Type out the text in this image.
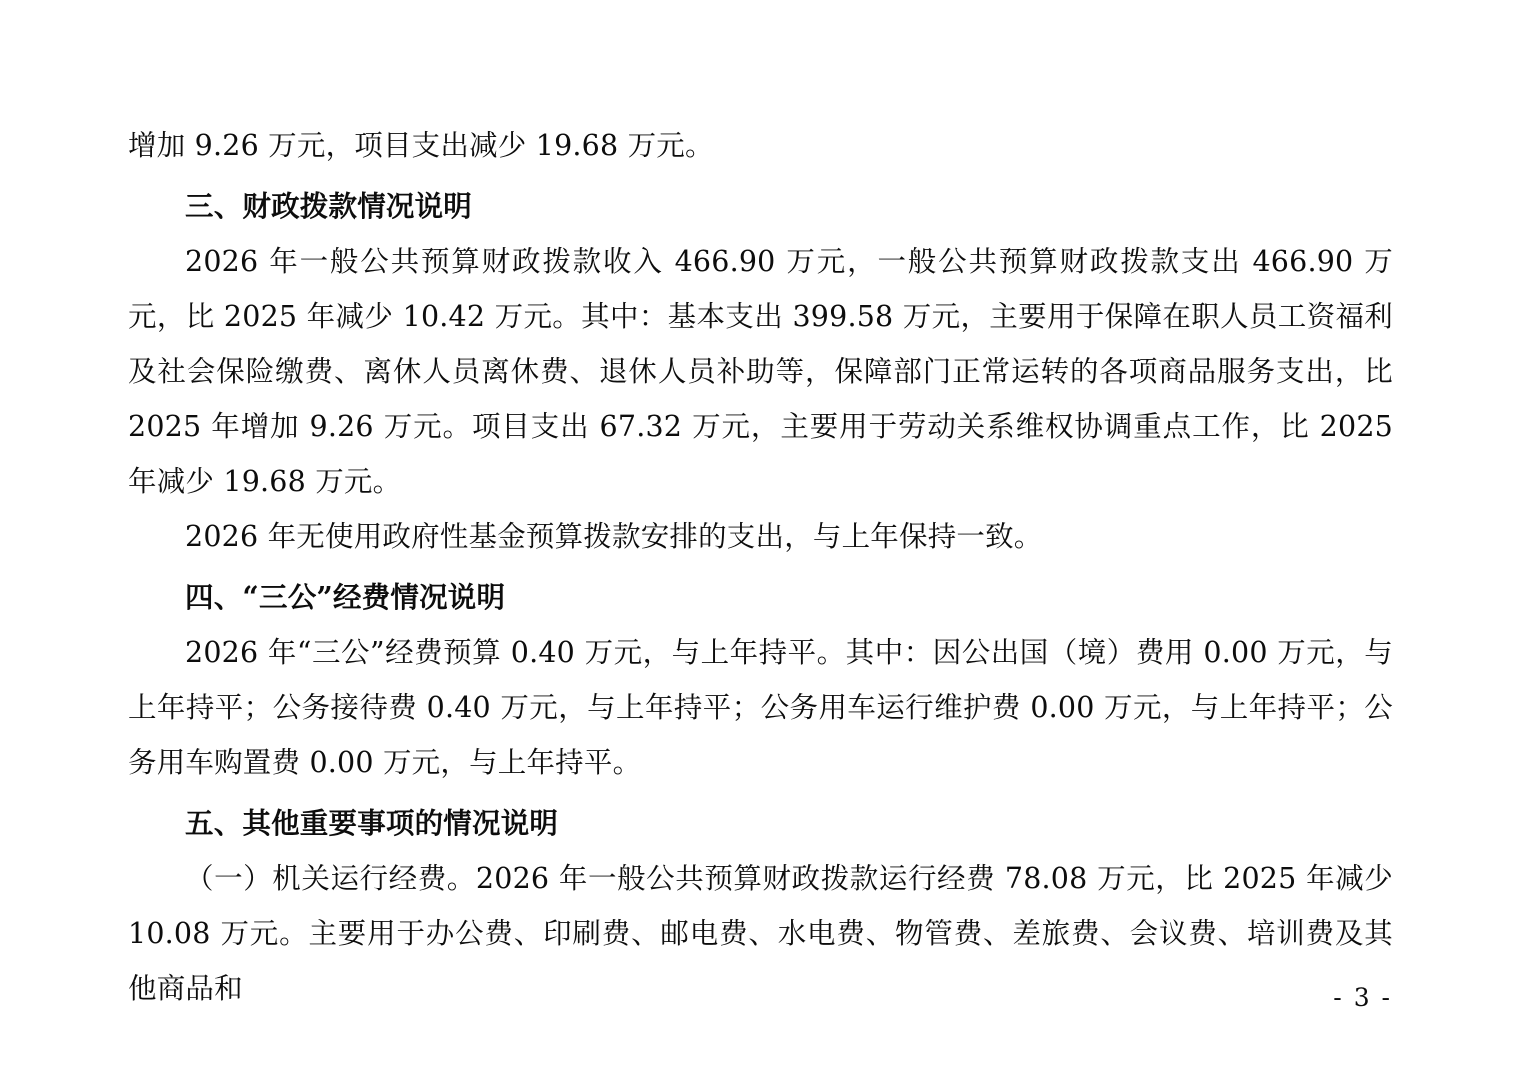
增加 9.26 万元，项目支出减少 19.68 万元。

三、财政拨款情况说明

2026 年一般公共预算财政拨款收入 466.90 万元，一般公共预算财政拨款支出 466.90 万元，比 2025 年减少 10.42 万元。其中：基本支出 399.58 万元，主要用于保障在职人员工资福利及社会保险缴费、离休人员离休费、退休人员补助等，保障部门正常运转的各项商品服务支出，比 2025 年增加 9.26 万元。项目支出 67.32 万元，主要用于劳动关系维权协调重点工作，比 2025 年减少 19.68 万元。

2026 年无使用政府性基金预算拨款安排的支出，与上年保持一致。

四、“三公”经费情况说明

2026 年“三公”经费预算 0.40 万元，与上年持平。其中：因公出国（境）费用 0.00 万元，与上年持平；公务接待费 0.40 万元，与上年持平；公务用车运行维护费 0.00 万元，与上年持平；公务用车购置费 0.00 万元，与上年持平。

五、其他重要事项的情况说明

（一）机关运行经费。2026 年一般公共预算财政拨款运行经费 78.08 万元，比 2025 年减少 10.08 万元。主要用于办公费、印刷费、邮电费、水电费、物管费、差旅费、会议费、培训费及其他商品和	- 3 -
